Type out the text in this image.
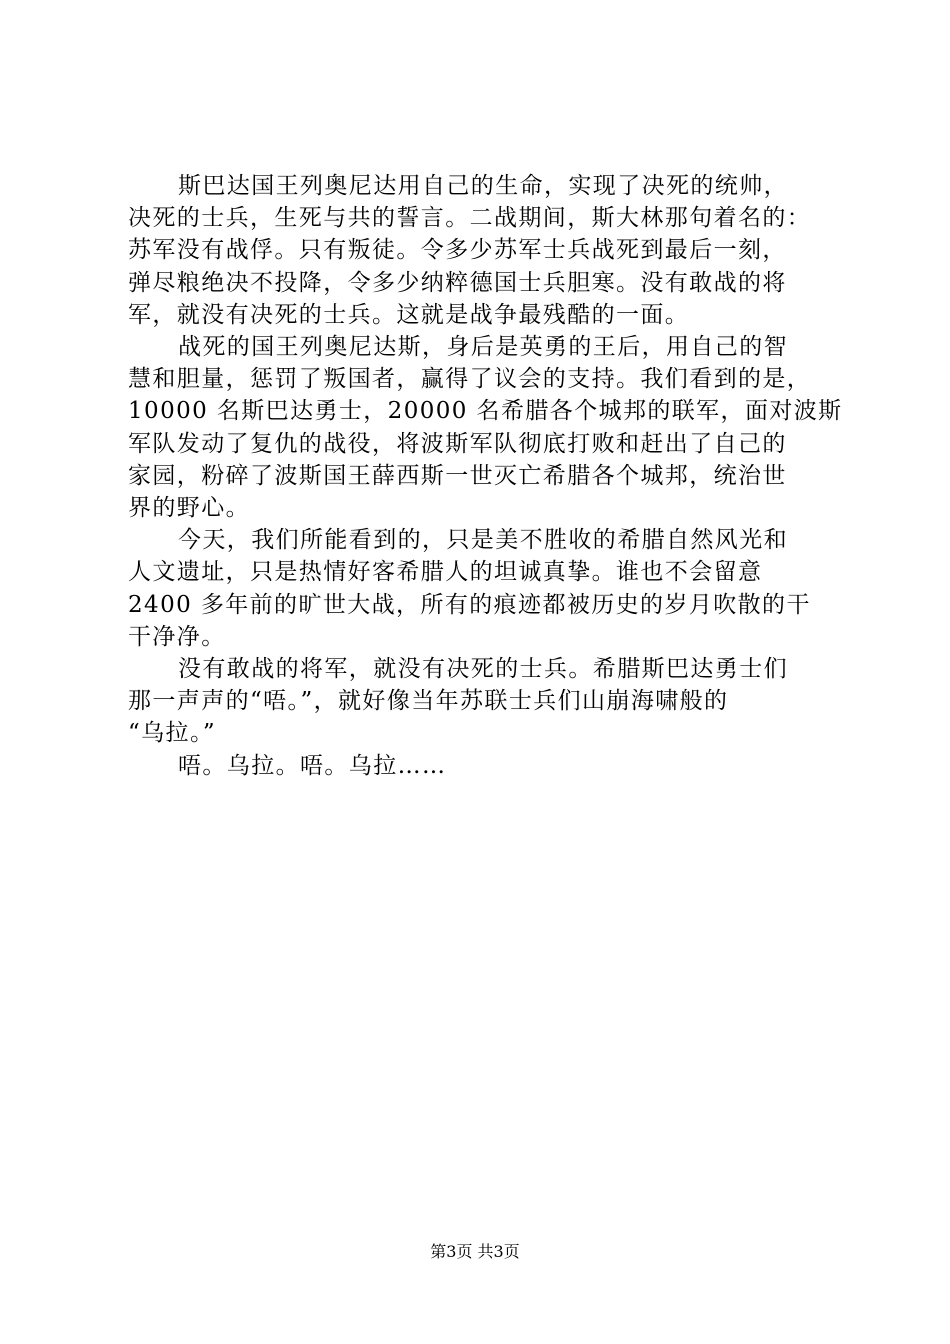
斯巴达国王列奥尼达用自己的生命，实现了决死的统帅，
决死的士兵，生死与共的誓言。二战期间，斯大林那句着名的：
苏军没有战俘。只有叛徒。令多少苏军士兵战死到最后一刻，
弹尽粮绝决不投降，令多少纳粹德国士兵胆寒。没有敢战的将
军，就没有决死的士兵。这就是战争最残酷的一面。
战死的国王列奥尼达斯，身后是英勇的王后，用自己的智
慧和胆量，惩罚了叛国者，赢得了议会的支持。我们看到的是，
10000 名斯巴达勇士，20000 名希腊各个城邦的联军，面对波斯
军队发动了复仇的战役，将波斯军队彻底打败和赶出了自己的
家园，粉碎了波斯国王薛西斯一世灭亡希腊各个城邦，统治世
界的野心。
今天，我们所能看到的，只是美不胜收的希腊自然风光和
人文遗址，只是热情好客希腊人的坦诚真挚。谁也不会留意
2400 多年前的旷世大战，所有的痕迹都被历史的岁月吹散的干
干净净。
没有敢战的将军，就没有决死的士兵。希腊斯巴达勇士们
那一声声的“唔。”，就好像当年苏联士兵们山崩海啸般的
“乌拉。”
唔。乌拉。唔。乌拉……
第3页 共3页
